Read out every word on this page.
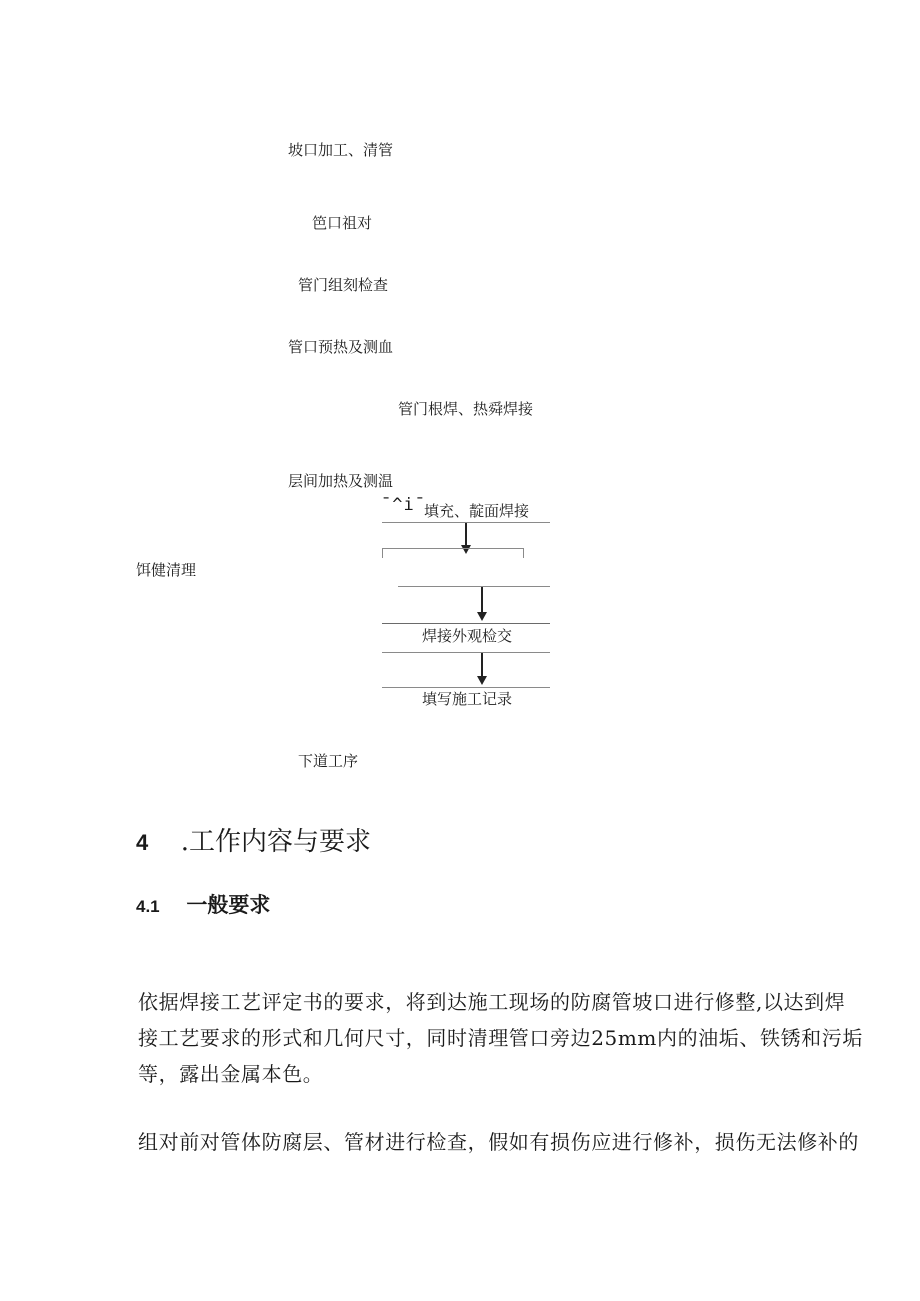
坡口加工、清管
笆口祖对
管门组刻检查
管口预热及测血
管门根焊、热舜焊接
层间加热及测温
¯^i¯
填充、靛面焊接
饵健清理
焊接外观检交
填写施工记录
下道工序
4 .工作内容与要求
4.1 一般要求
依据焊接工艺评定书的要求，将到达施工现场的防腐管坡口进行修整,以达到焊
接工艺要求的形式和几何尺寸，同时清理管口旁边25mm内的油垢、铁锈和污垢
等，露出金属本色。
组对前对管体防腐层、管材进行检查，假如有损伤应进行修补，损伤无法修补的
